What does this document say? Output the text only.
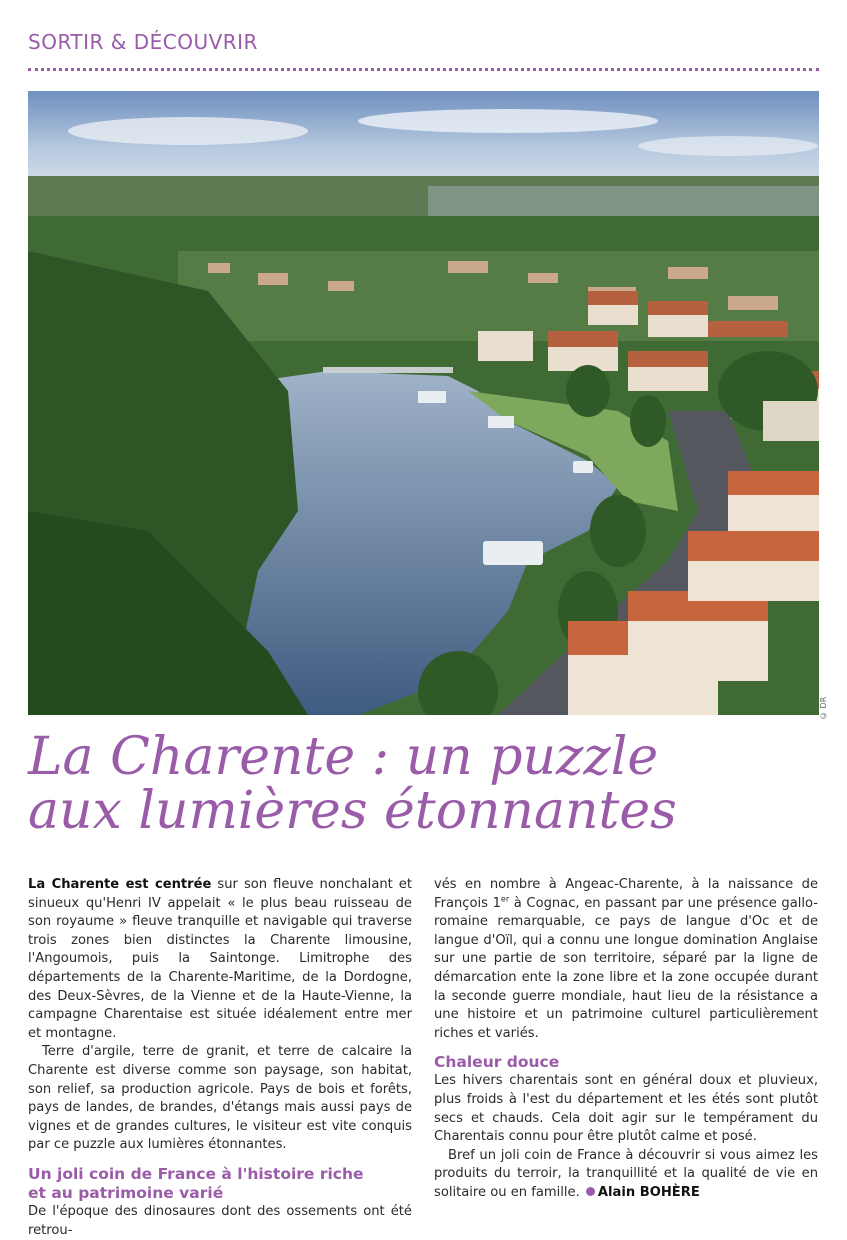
SORTIR & DÉCOUVRIR
© DR
La Charente : un puzzle
aux lumières étonnantes

La Charente est centrée sur son fleuve nonchalant et sinueux qu'Henri IV appelait « le plus beau ruisseau de son royaume » fleuve tranquille et navigable qui traverse trois zones bien distinctes la Charente limousine, l'Angoumois, puis la Saintonge. Limitrophe des départements de la Charente-Maritime, de la Dordogne, des Deux-Sèvres, de la Vienne et de la Haute-Vienne, la campagne Charentaise est située idéalement entre mer et montagne.

Terre d'argile, terre de granit, et terre de calcaire la Charente est diverse comme son paysage, son habitat, son relief, sa production agricole. Pays de bois et forêts, pays de landes, de brandes, d'étangs mais aussi pays de vignes et de grandes cultures, le visiteur est vite conquis par ce puzzle aux lumières étonnantes.

Un joli coin de France à l'histoire riche
et au patrimoine varié

De l'époque des dinosaures dont des ossements ont été retrou-

vés en nombre à Angeac-Charente, à la naissance de François 1er à Cognac, en passant par une présence gallo-romaine remarquable, ce pays de langue d'Oc et de langue d'Oïl, qui a connu une longue domination Anglaise sur une partie de son territoire, séparé par la ligne de démarcation ente la zone libre et la zone occupée durant la seconde guerre mondiale, haut lieu de la résistance a une histoire et un patrimoine culturel particulièrement riches et variés.

Chaleur douce

Les hivers charentais sont en général doux et pluvieux, plus froids à l'est du département et les étés sont plutôt secs et chauds. Cela doit agir sur le tempérament du Charentais connu pour être plutôt calme et posé.

Bref un joli coin de France à découvrir si vous aimez les produits du terroir, la tranquillité et la qualité de vie en solitaire ou en famille. Alain BOHÈRE
